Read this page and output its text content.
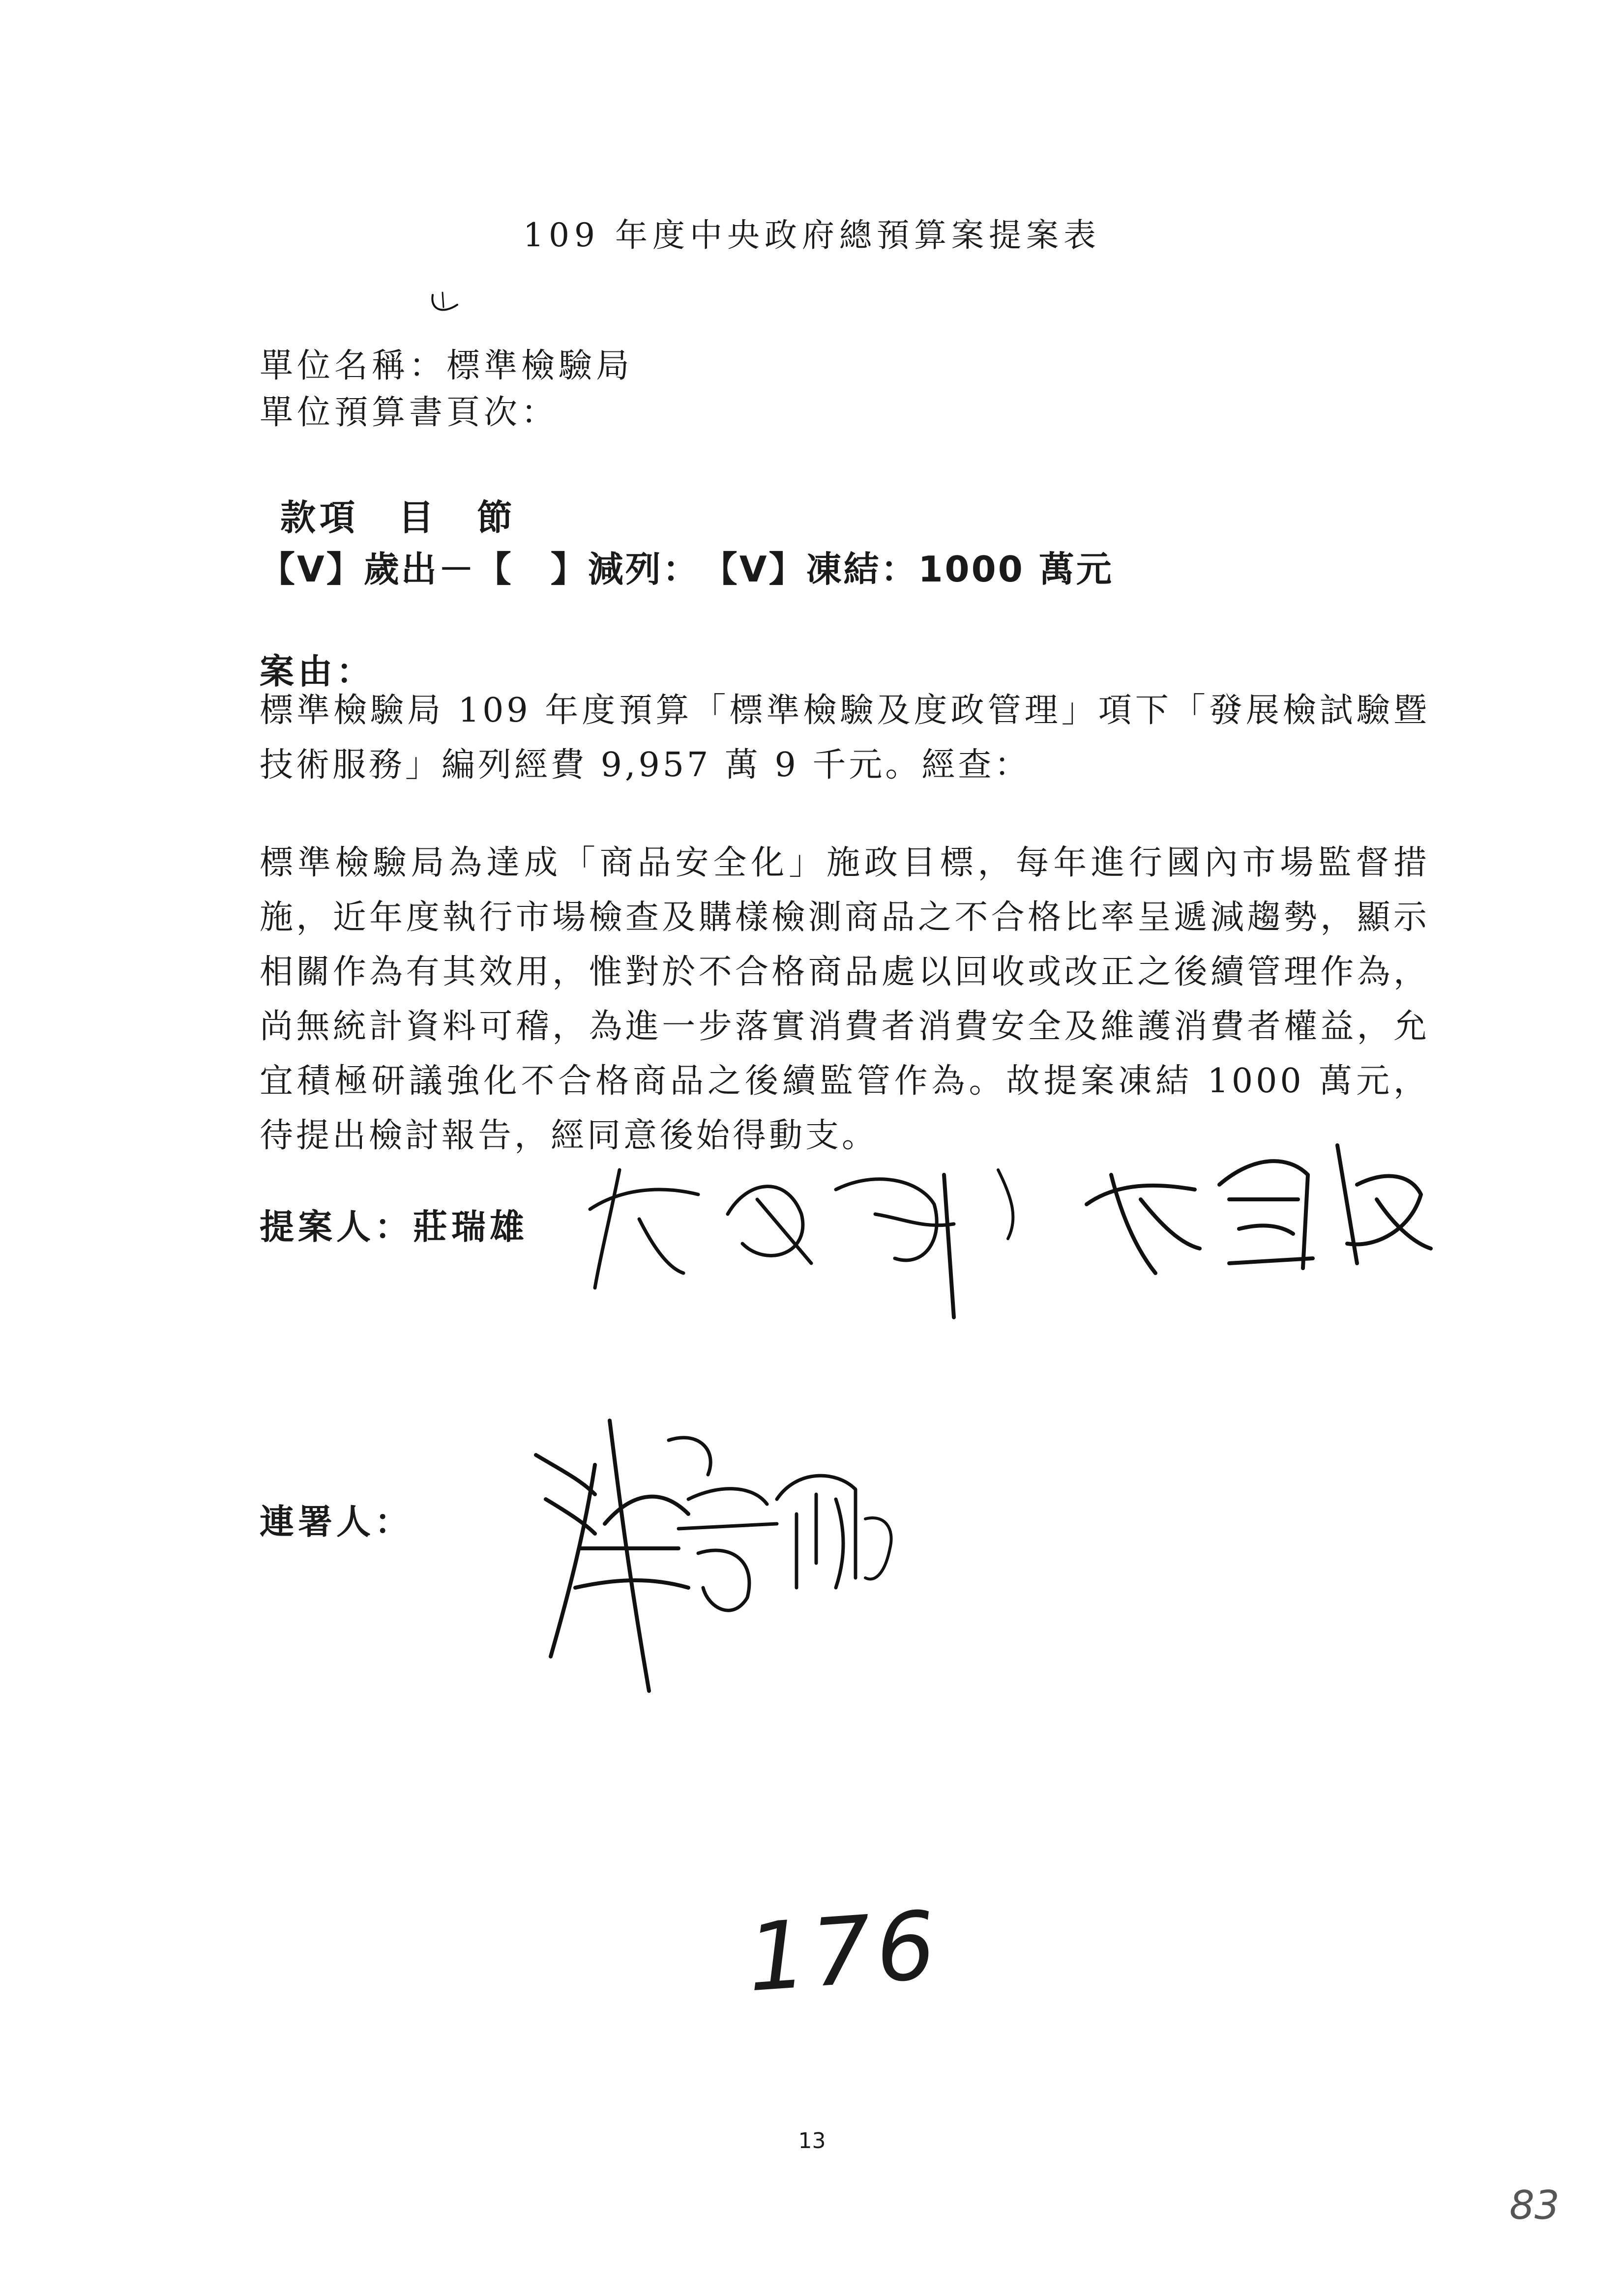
109 年度中央政府總預算案提案表
單位名稱：標準檢驗局
單位預算書頁次：
款項　目　節
【V】歲出－【　】減列：　【V】凍結：1000 萬元
案由：
標準檢驗局 109 年度預算「標準檢驗及度政管理」項下「發展檢試驗暨技術服務」編列經費 9,957 萬 9 千元。經查：
標準檢驗局為達成「商品安全化」施政目標，每年進行國內市場監督措施，近年度執行市場檢查及購樣檢測商品之不合格比率呈遞減趨勢，顯示相關作為有其效用，惟對於不合格商品處以回收或改正之後續管理作為，尚無統計資料可稽，為進一步落實消費者消費安全及維護消費者權益，允宜積極研議強化不合格商品之後續監管作為。故提案凍結 1000 萬元，待提出檢討報告，經同意後始得動支。
提案人：莊瑞雄
連署人：
176
13
83
